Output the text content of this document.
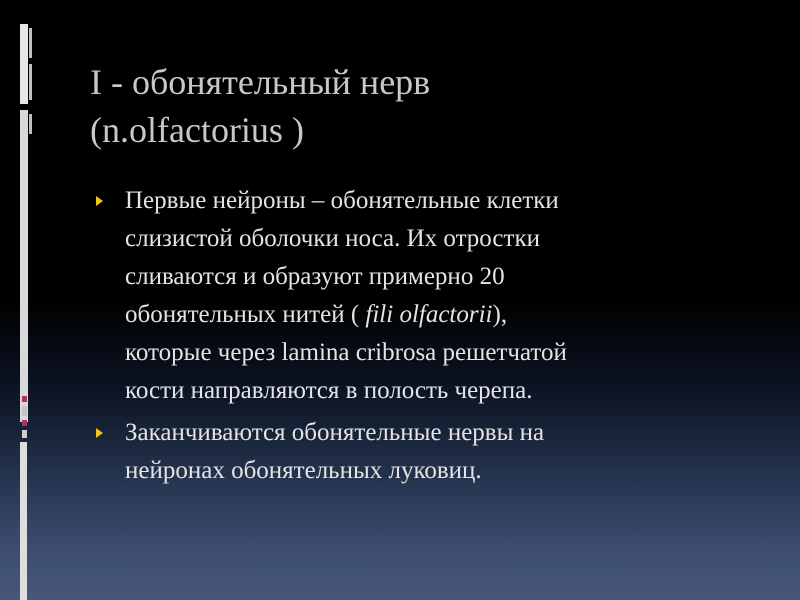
I - обонятельный нерв
(n.olfactorius )
Первые нейроны – обонятельные клетки
слизистой оболочки носа. Их отростки
сливаются и образуют примерно 20
обонятельных нитей ( fili olfactorii),
которые через lamina cribrosa решетчатой
кости направляются в полость черепа.
Заканчиваются обонятельные нервы на
нейронах обонятельных луковиц.
